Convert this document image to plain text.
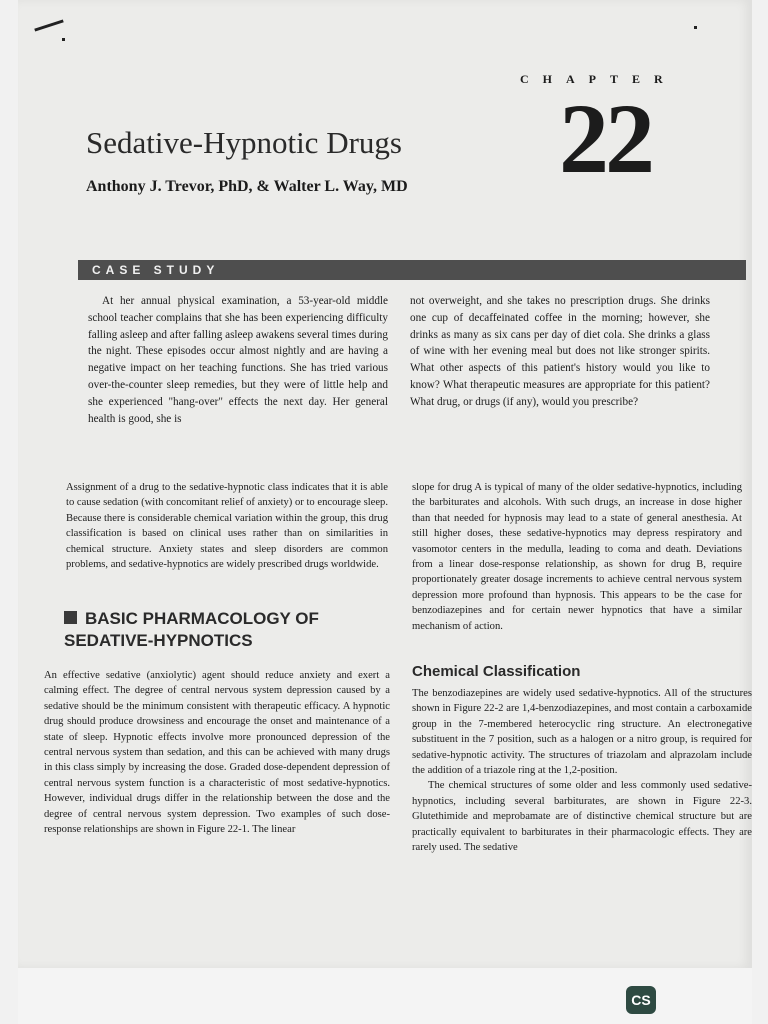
CHAPTER
22
Sedative-Hypnotic Drugs
Anthony J. Trevor, PhD, & Walter L. Way, MD
CASE STUDY
At her annual physical examination, a 53-year-old middle school teacher complains that she has been experiencing difficulty falling asleep and after falling asleep awakens several times during the night. These episodes occur almost nightly and are having a negative impact on her teaching functions. She has tried various over-the-counter sleep remedies, but they were of little help and she experienced "hang-over" effects the next day. Her general health is good, she is
not overweight, and she takes no prescription drugs. She drinks one cup of decaffeinated coffee in the morning; however, she drinks as many as six cans per day of diet cola. She drinks a glass of wine with her evening meal but does not like stronger spirits. What other aspects of this patient's history would you like to know? What therapeutic measures are appropriate for this patient? What drug, or drugs (if any), would you prescribe?
Assignment of a drug to the sedative-hypnotic class indicates that it is able to cause sedation (with concomitant relief of anxiety) or to encourage sleep. Because there is considerable chemical variation within the group, this drug classification is based on clinical uses rather than on similarities in chemical structure. Anxiety states and sleep disorders are common problems, and sedative-hypnotics are widely prescribed drugs worldwide.
slope for drug A is typical of many of the older sedative-hypnotics, including the barbiturates and alcohols. With such drugs, an increase in dose higher than that needed for hypnosis may lead to a state of general anesthesia. At still higher doses, these sedative-hypnotics may depress respiratory and vasomotor centers in the medulla, leading to coma and death. Deviations from a linear dose-response relationship, as shown for drug B, require proportionately greater dosage increments to achieve central nervous system depression more profound than hypnosis. This appears to be the case for benzodiazepines and for certain newer hypnotics that have a similar mechanism of action.
BASIC PHARMACOLOGY OF SEDATIVE-HYPNOTICS
An effective sedative (anxiolytic) agent should reduce anxiety and exert a calming effect. The degree of central nervous system depression caused by a sedative should be the minimum consistent with therapeutic efficacy. A hypnotic drug should produce drowsiness and encourage the onset and maintenance of a state of sleep. Hypnotic effects involve more pronounced depression of the central nervous system than sedation, and this can be achieved with many drugs in this class simply by increasing the dose. Graded dose-dependent depression of central nervous system function is a characteristic of most sedative-hypnotics. However, individual drugs differ in the relationship between the dose and the degree of central nervous system depression. Two examples of such dose-response relationships are shown in Figure 22-1. The linear
Chemical Classification

The benzodiazepines are widely used sedative-hypnotics. All of the structures shown in Figure 22-2 are 1,4-benzodiazepines, and most contain a carboxamide group in the 7-membered heterocyclic ring structure. An electronegative substituent in the 7 position, such as a halogen or a nitro group, is required for sedative-hypnotic activity. The structures of triazolam and alprazolam include the addition of a triazole ring at the 1,2-position.

The chemical structures of some older and less commonly used sedative-hypnotics, including several barbiturates, are shown in Figure 22-3. Glutethimide and meprobamate are of distinctive chemical structure but are practically equivalent to barbiturates in their pharmacologic effects. They are rarely used. The sedative

CS
